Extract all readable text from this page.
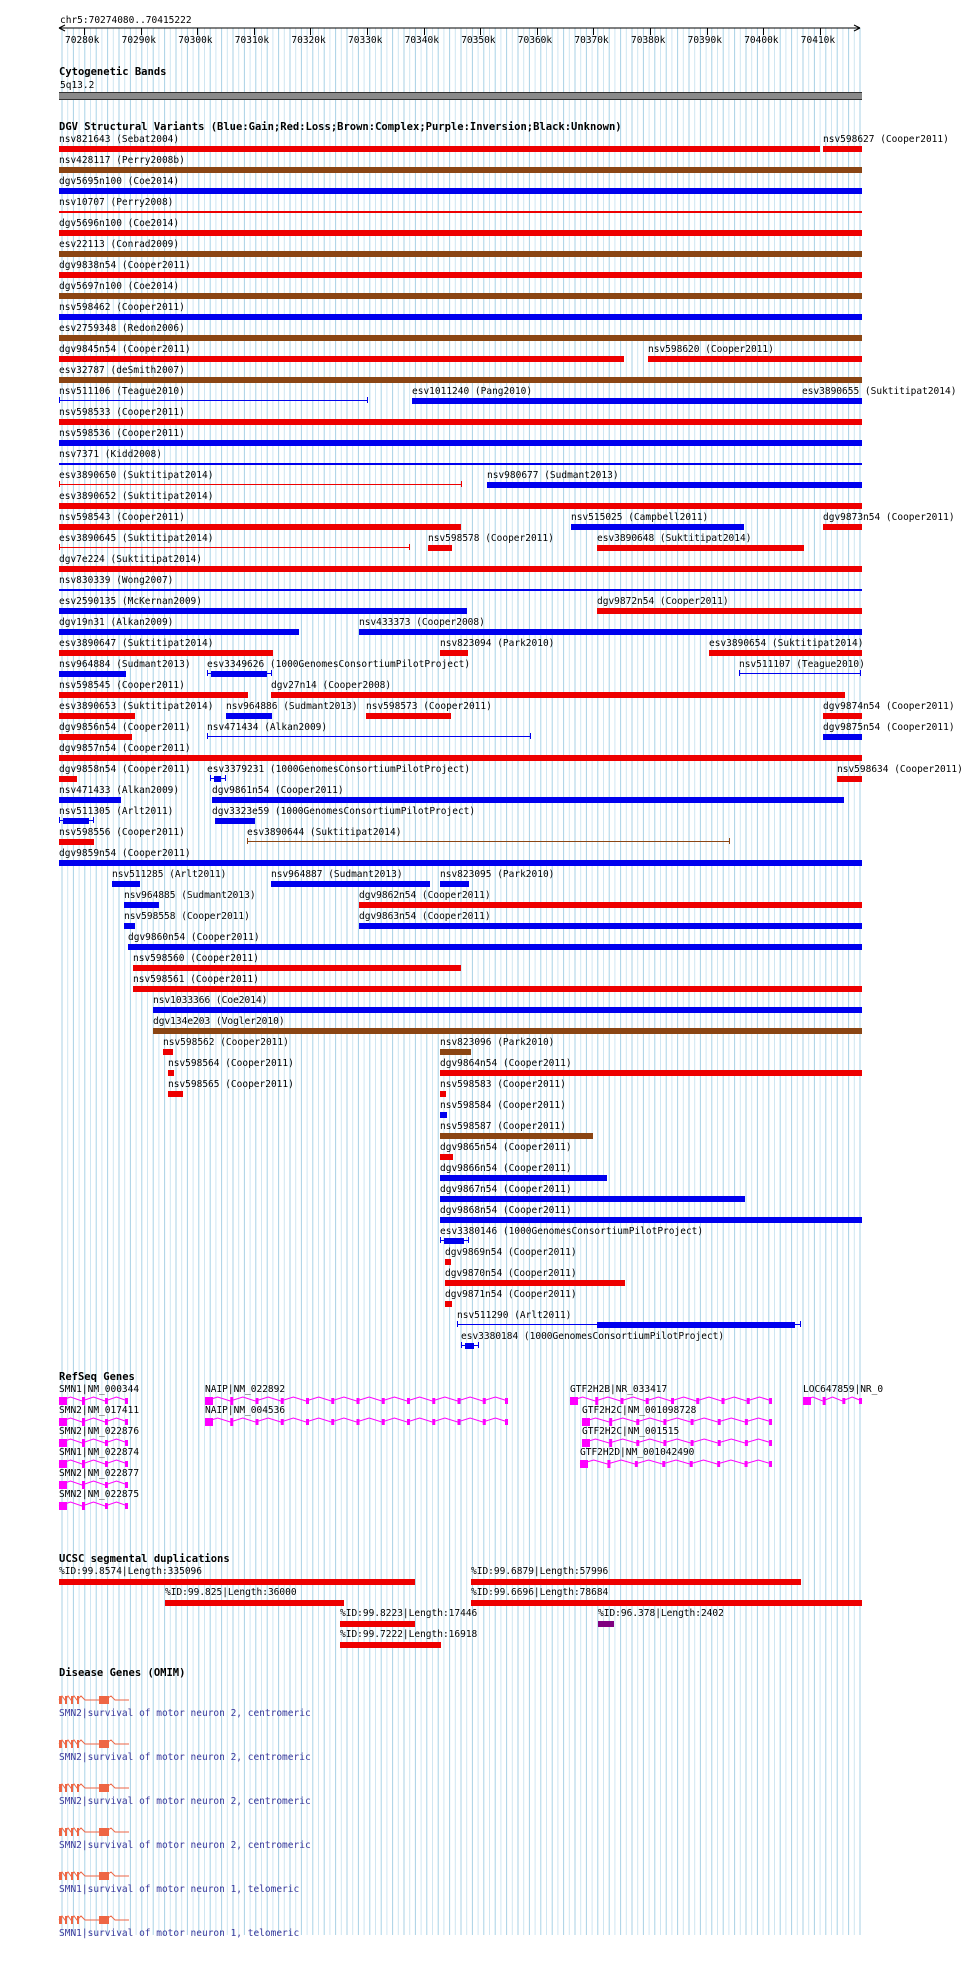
chr5:70274080..70415222
70280k 70290k 70300k 70310k 70320k 70330k 70340k 70350k 70360k 70370k 70380k 70390k 70400k 70410k
Cytogenetic Bands
5q13.2
DGV Structural Variants (Blue:Gain;Red:Loss;Brown:Complex;Purple:Inversion;Black:Unknown)
nsv821643 (Sebat2004)	nsv598627 (Cooper2011)
nsv428117 (Perry2008b)
dgv5695n100 (Coe2014)
nsv10707 (Perry2008)
dgv5696n100 (Coe2014)
esv22113 (Conrad2009)
dgv9838n54 (Cooper2011)
dgv5697n100 (Coe2014)
nsv598462 (Cooper2011)
esv2759348 (Redon2006)
dgv9845n54 (Cooper2011)	nsv598620 (Cooper2011)
esv32787 (deSmith2007)
nsv511106 (Teague2010)	esv1011240 (Pang2010)	esv3890655 (Suktitipat2014)
nsv598533 (Cooper2011)
nsv598536 (Cooper2011)
nsv7371 (Kidd2008)
esv3890650 (Suktitipat2014)	nsv980677 (Sudmant2013)
esv3890652 (Suktitipat2014)
nsv598543 (Cooper2011)	nsv515025 (Campbell2011)	dgv9873n54 (Cooper2011)
esv3890645 (Suktitipat2014)	nsv598578 (Cooper2011)	esv3890648 (Suktitipat2014)
dgv7e224 (Suktitipat2014)
nsv830339 (Wong2007)
esv2590135 (McKernan2009)	dgv9872n54 (Cooper2011)
dgv19n31 (Alkan2009)	nsv433373 (Cooper2008)
esv3890647 (Suktitipat2014)	nsv823094 (Park2010)	esv3890654 (Suktitipat2014)
nsv964884 (Sudmant2013) esv3349626 (1000GenomesConsortiumPilotProject)	nsv511107 (Teague2010)
nsv598545 (Cooper2011)	dgv27n14 (Cooper2008)
esv3890653 (Suktitipat2014) nsv964886 (Sudmant2013) nsv598573 (Cooper2011)	dgv9874n54 (Cooper2011)
dgv9856n54 (Cooper2011) nsv471434 (Alkan2009)	dgv9875n54 (Cooper2011)
dgv9857n54 (Cooper2011)
dgv9858n54 (Cooper2011) esv3379231 (1000GenomesConsortiumPilotProject)	nsv598634 (Cooper2011)
nsv471433 (Alkan2009)	dgv9861n54 (Cooper2011)
nsv511305 (Arlt2011)	dgv3323e59 (1000GenomesConsortiumPilotProject)
nsv598556 (Cooper2011)	esv3890644 (Suktitipat2014)
dgv9859n54 (Cooper2011)
nsv511285 (Arlt2011)	nsv964887 (Sudmant2013)	nsv823095 (Park2010)
nsv964885 (Sudmant2013)	dgv9862n54 (Cooper2011)
nsv598558 (Cooper2011)	dgv9863n54 (Cooper2011)
dgv9860n54 (Cooper2011)
nsv598560 (Cooper2011)
nsv598561 (Cooper2011)
nsv1033366 (Coe2014)
dgv134e203 (Vogler2010)
nsv598562 (Cooper2011)	nsv823096 (Park2010)
nsv598564 (Cooper2011)	dgv9864n54 (Cooper2011)
nsv598565 (Cooper2011)	nsv598583 (Cooper2011)
nsv598584 (Cooper2011)
nsv598587 (Cooper2011)
dgv9865n54 (Cooper2011)
dgv9866n54 (Cooper2011)
dgv9867n54 (Cooper2011)
dgv9868n54 (Cooper2011)
esv3380146 (1000GenomesConsortiumPilotProject)
dgv9869n54 (Cooper2011)
dgv9870n54 (Cooper2011)
dgv9871n54 (Cooper2011)
nsv511290 (Arlt2011)
esv3380184 (1000GenomesConsortiumPilotProject)
SMN1|NM_000344
SMN2|NM_017411
SMN2|NM_022876
SMN1|NM_022874
SMN2|NM_022877
SMN2|NM_022875
NAIP|NM_022892
NAIP|NM_004536
GTF2H2B|NR_033417
GTF2H2C|NM_001098728
GTF2H2C|NM_001515
GTF2H2D|NM_001042490
LOC647859|NR_0
%ID:99.8574|Length:335096
%ID:99.825|Length:36000
%ID:99.8223|Length:17446
%ID:99.7222|Length:16918
%ID:99.6879|Length:57996
%ID:99.6696|Length:78684
%ID:96.378|Length:2402
SMN2|survival of motor neuron 2, centromeric
SMN2|survival of motor neuron 2, centromeric
SMN2|survival of motor neuron 2, centromeric
SMN2|survival of motor neuron 2, centromeric
SMN1|survival of motor neuron 1, telomeric
SMN1|survival of motor neuron 1, telomeric
RefSeq Genes
UCSC segmental duplications
Disease Genes (OMIM)
